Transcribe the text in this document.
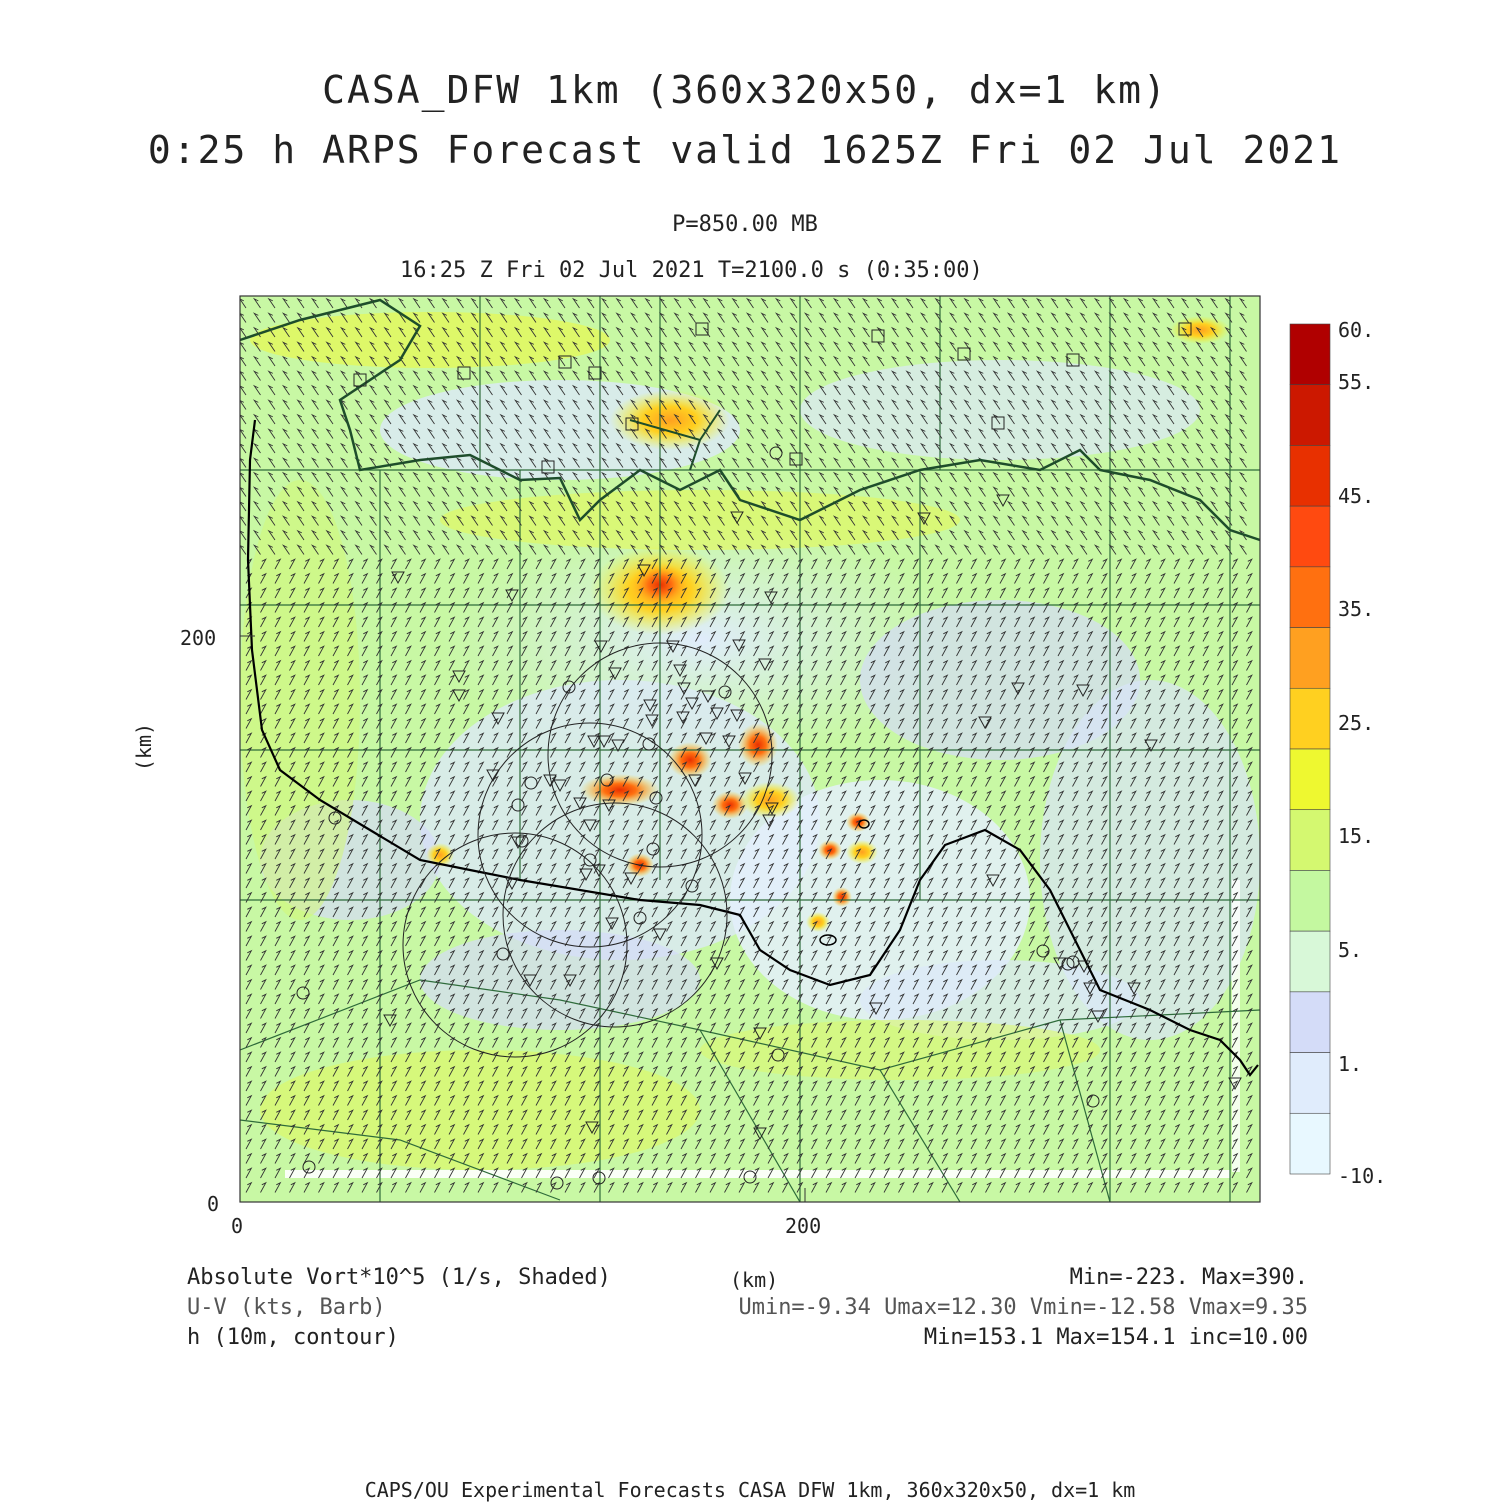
CASA_DFW 1km (360x320x50, dx=1 km)
0:25 h ARPS Forecast valid 1625Z Fri 02 Jul 2021
P=850.00 MB
16:25 Z Fri 02 Jul 2021 T=2100.0 s (0:35:00)
(km)
200
0
0	200
(km)
60.
55.
45.
35.
25.
15.
5.
1.
-10.
Absolute Vort*10^5 (1/s, Shaded)	Min=-223. Max=390.
U-V (kts, Barb)	Umin=-9.34 Umax=12.30 Vmin=-12.58 Vmax=9.35
h (10m, contour)	Min=153.1 Max=154.1 inc=10.00
CAPS/OU Experimental Forecasts CASA DFW 1km, 360x320x50, dx=1 km
